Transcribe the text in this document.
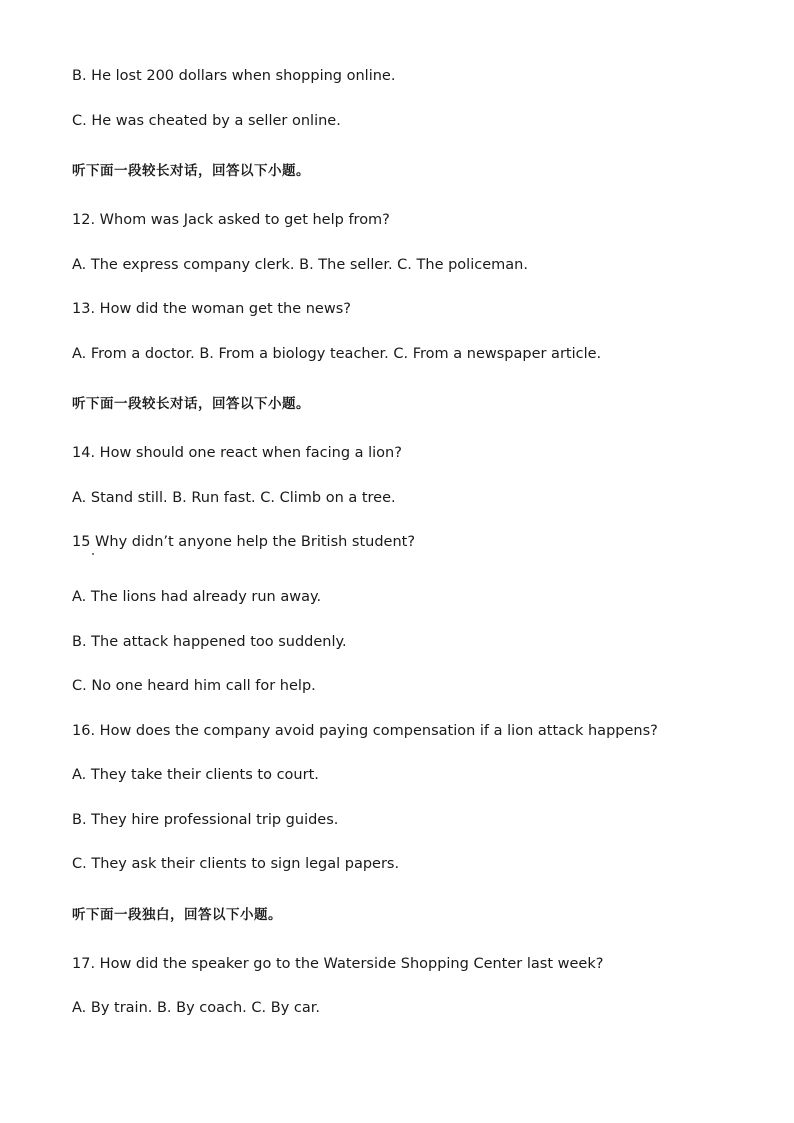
B. He lost 200 dollars when shopping online.
C. He was cheated by a seller online.
听下面一段较长对话，回答以下小题。
12. Whom was Jack asked to get help from?
A. The express company clerk. B. The seller. C. The policeman.
13. How did the woman get the news?
A. From a doctor. B. From a biology teacher. C. From a newspaper article.
听下面一段较长对话，回答以下小题。
14. How should one react when facing a lion?
A. Stand still. B. Run fast. C. Climb on a tree.
15 Why didn’t anyone help the British student?
A. The lions had already run away.
B. The attack happened too suddenly.
C. No one heard him call for help.
16. How does the company avoid paying compensation if a lion attack happens?
A. They take their clients to court.
B. They hire professional trip guides.
C. They ask their clients to sign legal papers.
听下面一段独白，回答以下小题。
17. How did the speaker go to the Waterside Shopping Center last week?
A. By train. B. By coach. C. By car.
